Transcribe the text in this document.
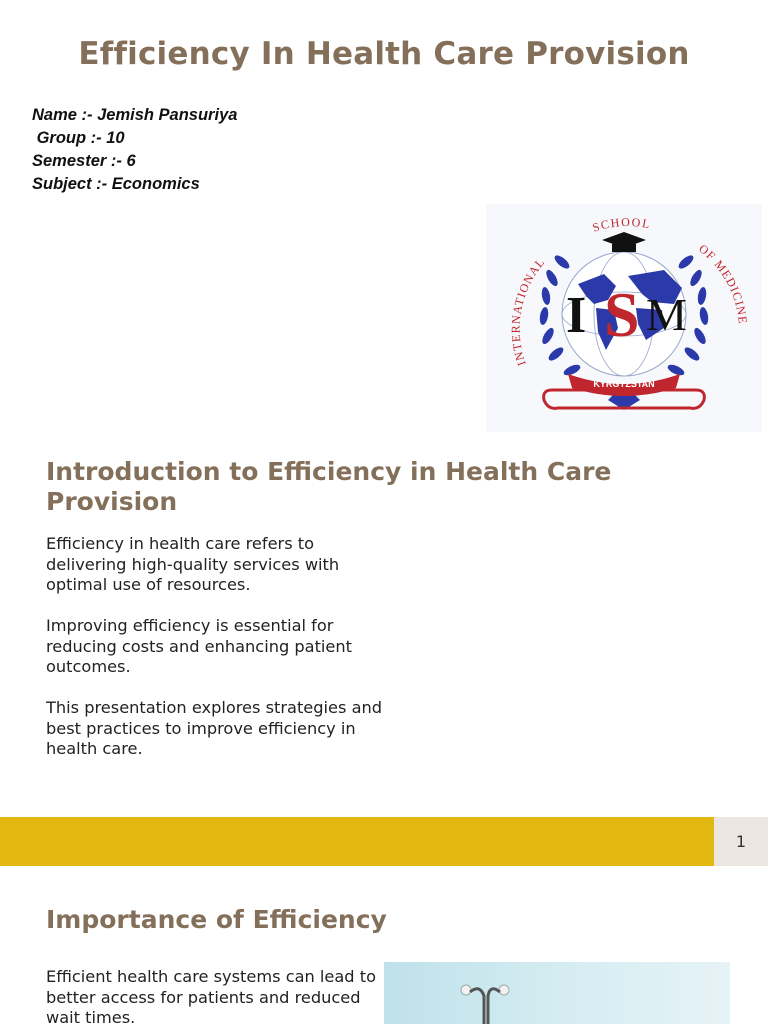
Efficiency In Health Care Provision
Name :- Jemish Pansuriya
Group :- 10
Semester :- 6
Subject :- Economics
I S M
INTERNATIONAL
SCHOOL
OF MEDICINE
KYRGYZSTAN
Introduction to Efficiency in Health Care Provision
Efficiency in health care refers to delivering high-quality services with optimal use of resources.
Improving efficiency is essential for reducing costs and enhancing patient outcomes.
This presentation explores strategies and best practices to improve efficiency in health care.
1
Importance of Efficiency
Efficient health care systems can lead to better access for patients and reduced wait times.
